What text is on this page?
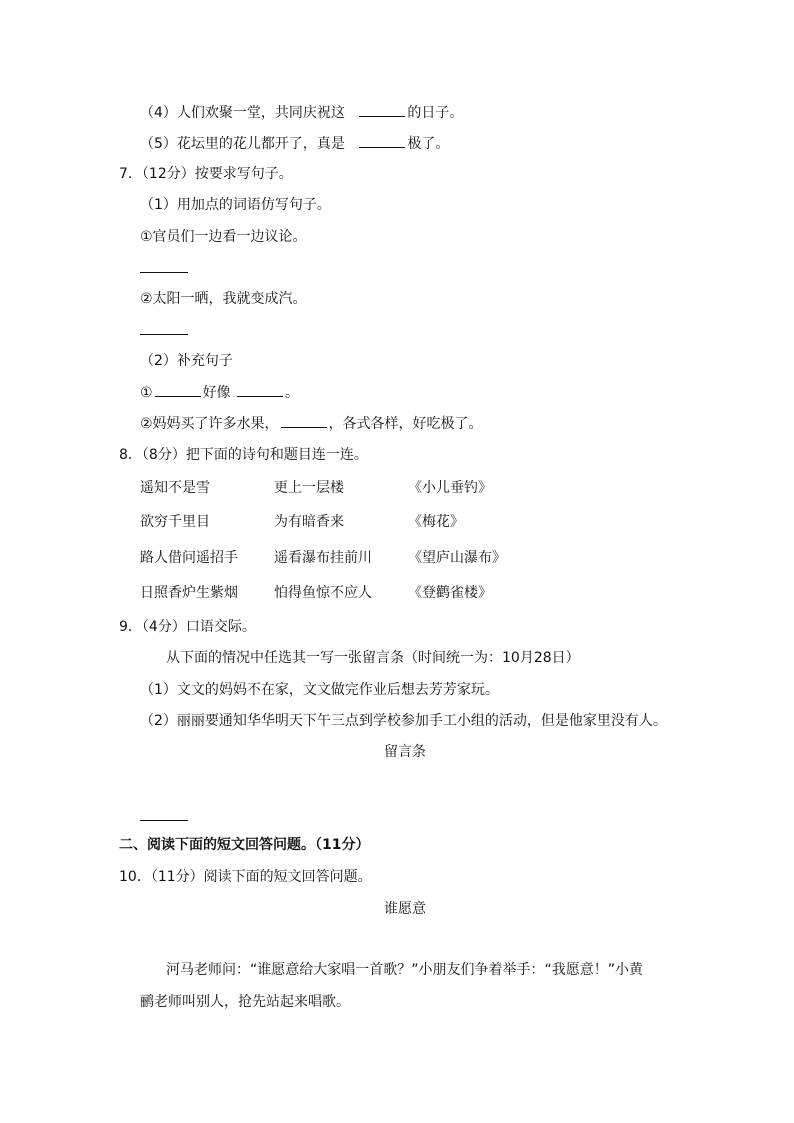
（4）人们欢聚一堂，共同庆祝这	的日子。
（5）花坛里的花儿都开了，真是	极了。
7．（12分）按要求写句子。
（1）用加点的词语仿写句子。
①官员们一边看一边议论。
②太阳一晒，我就变成汽。
（2）补充句子
①	好像	。
②妈妈买了许多水果，	，各式各样，好吃极了。
8．（8分）把下面的诗句和题目连一连。
遥知不是雪	更上一层楼	《小儿垂钓》
欲穷千里目	为有暗香来	《梅花》
路人借问遥招手	遥看瀑布挂前川	《望庐山瀑布》
日照香炉生紫烟	怕得鱼惊不应人	《登鹳雀楼》
9．（4分）口语交际。
从下面的情况中任选其一写一张留言条（时间统一为：10月28日）
（1）文文的妈妈不在家，文文做完作业后想去芳芳家玩。
（2）丽丽要通知华华明天下午三点到学校参加手工小组的活动，但是他家里没有人。
留言条
二、阅读下面的短文回答问题。（11分）
10．（11分）阅读下面的短文回答问题。
谁愿意
河马老师问：“谁愿意给大家唱一首歌？”小朋友们争着举手：“我愿意！”小黄
鹂老师叫别人，抢先站起来唱歌。
